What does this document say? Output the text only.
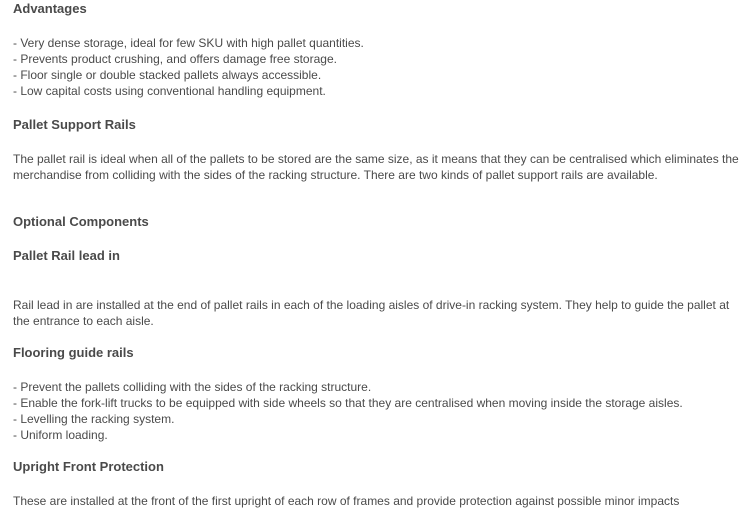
Advantages

- Very dense storage, ideal for few SKU with high pallet quantities.

- Prevents product crushing, and offers damage free storage.

- Floor single or double stacked pallets always accessible.

- Low capital costs using conventional handling equipment.

Pallet Support Rails

The pallet rail is ideal when all of the pallets to be stored are the same size, as it means that they can be centralised which eliminates the merchandise from colliding with the sides of the racking structure. There are two kinds of pallet support rails are available.

Optional Components
Pallet Rail lead in

Rail lead in are installed at the end of pallet rails in each of the loading aisles of drive-in racking system. They help to guide the pallet at the entrance to each aisle.

Flooring guide rails

- Prevent the pallets colliding with the sides of the racking structure.

- Enable the fork-lift trucks to be equipped with side wheels so that they are centralised when moving inside the storage aisles.

- Levelling the racking system.

- Uniform loading.

Upright Front Protection

These are installed at the front of the first upright of each row of frames and provide protection against possible minor impacts
